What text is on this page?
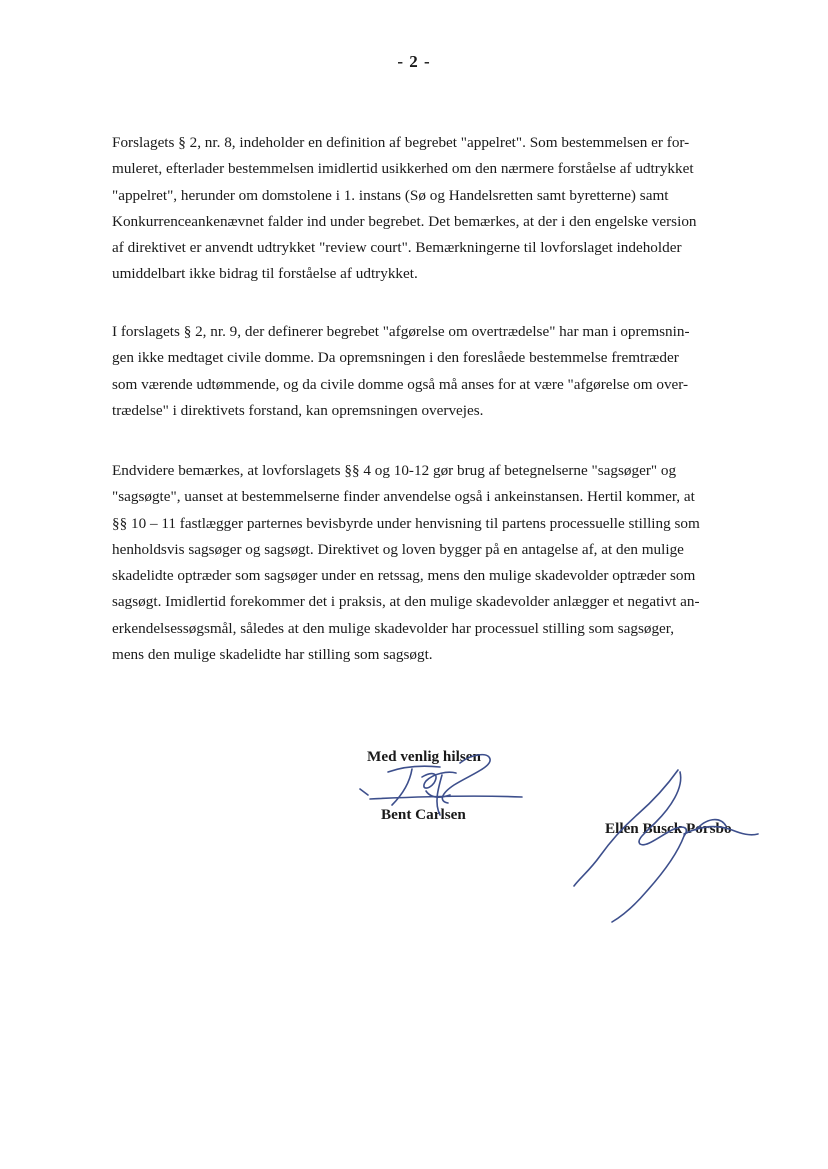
- 2 -
Forslagets § 2, nr. 8, indeholder en definition af begrebet "appelret". Som bestemmelsen er for-
muleret, efterlader bestemmelsen imidlertid usikkerhed om den nærmere forståelse af udtrykket
"appelret", herunder om domstolene i 1. instans (Sø og Handelsretten samt byretterne) samt
Konkurrenceankenævnet falder ind under begrebet. Det bemærkes, at der i den engelske version
af direktivet er anvendt udtrykket "review court". Bemærkningerne til lovforslaget indeholder
umiddelbart ikke bidrag til forståelse af udtrykket.
I forslagets § 2, nr. 9, der definerer begrebet "afgørelse om overtrædelse" har man i opremsnin-
gen ikke medtaget civile domme. Da opremsningen i den foreslåede bestemmelse fremtræder
som værende udtømmende, og da civile domme også må anses for at være "afgørelse om over-
trædelse" i direktivets forstand, kan opremsningen overvejes.
Endvidere bemærkes, at lovforslagets §§ 4 og 10-12 gør brug af betegnelserne "sagsøger" og
"sagsøgte", uanset at bestemmelserne finder anvendelse også i ankeinstansen. Hertil kommer, at
§§ 10 – 11 fastlægger parternes bevisbyrde under henvisning til partens processuelle stilling som
henholdsvis sagsøger og sagsøgt. Direktivet og loven bygger på en antagelse af, at den mulige
skadelidte optræder som sagsøger under en retssag, mens den mulige skadevolder optræder som
sagsøgt. Imidlertid forekommer det i praksis, at den mulige skadevolder anlægger et negativt an-
erkendelsessøgsmål, således at den mulige skadevolder har processuel stilling som sagsøger,
mens den mulige skadelidte har stilling som sagsøgt.
Med venlig hilsen
Bent Carlsen
Ellen Busck Porsbo
